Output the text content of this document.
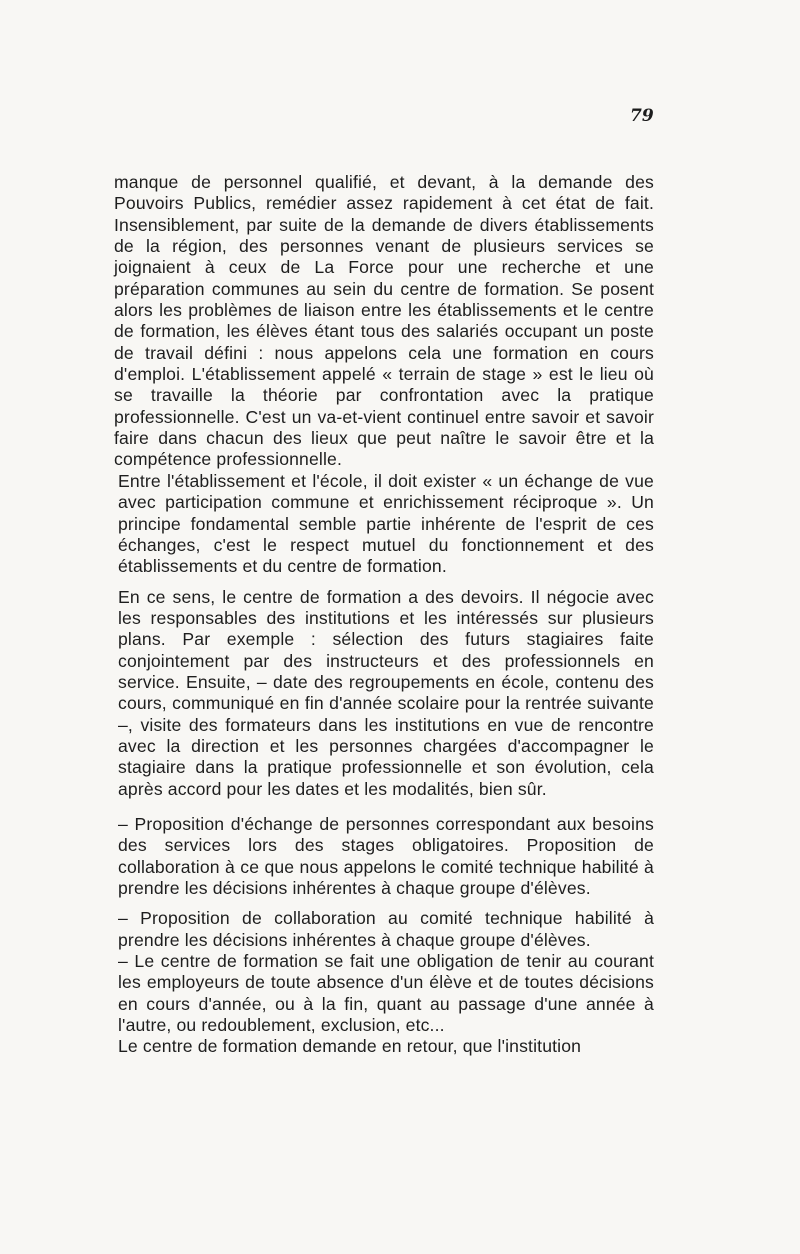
79

manque de personnel qualifié, et devant, à la demande des Pouvoirs Publics, remédier assez rapidement à cet état de fait. Insensiblement, par suite de la demande de divers établissements de la région, des personnes venant de plusieurs services se joignaient à ceux de La Force pour une recherche et une préparation communes au sein du centre de formation. Se posent alors les problèmes de liaison entre les établissements et le centre de formation, les élèves étant tous des salariés occupant un poste de travail défini : nous appelons cela une formation en cours d'emploi. L'établissement appelé « terrain de stage » est le lieu où se travaille la théorie par confrontation avec la pratique professionnelle. C'est un va-et-vient continuel entre savoir et savoir faire dans chacun des lieux que peut naître le savoir être et la compétence professionnelle.

Entre l'établissement et l'école, il doit exister « un échange de vue avec participation commune et enrichissement réciproque ». Un principe fondamental semble partie inhérente de l'esprit de ces échanges, c'est le respect mutuel du fonctionnement et des établissements et du centre de formation.

En ce sens, le centre de formation a des devoirs. Il négocie avec les responsables des institutions et les intéressés sur plusieurs plans. Par exemple : sélection des futurs stagiaires faite conjointement par des instructeurs et des professionnels en service. Ensuite, – date des regroupements en école, contenu des cours, communiqué en fin d'année scolaire pour la rentrée suivante –, visite des formateurs dans les institutions en vue de rencontre avec la direction et les personnes chargées d'accompagner le stagiaire dans la pratique professionnelle et son évolution, cela après accord pour les dates et les modalités, bien sûr.

– Proposition d'échange de personnes correspondant aux besoins des services lors des stages obligatoires. Proposition de collaboration à ce que nous appelons le comité technique habilité à prendre les décisions inhérentes à chaque groupe d'élèves.

– Proposition de collaboration au comité technique habilité à prendre les décisions inhérentes à chaque groupe d'élèves.

– Le centre de formation se fait une obligation de tenir au courant les employeurs de toute absence d'un élève et de toutes décisions en cours d'année, ou à la fin, quant au passage d'une année à l'autre, ou redoublement, exclusion, etc...

Le centre de formation demande en retour, que l'institution
